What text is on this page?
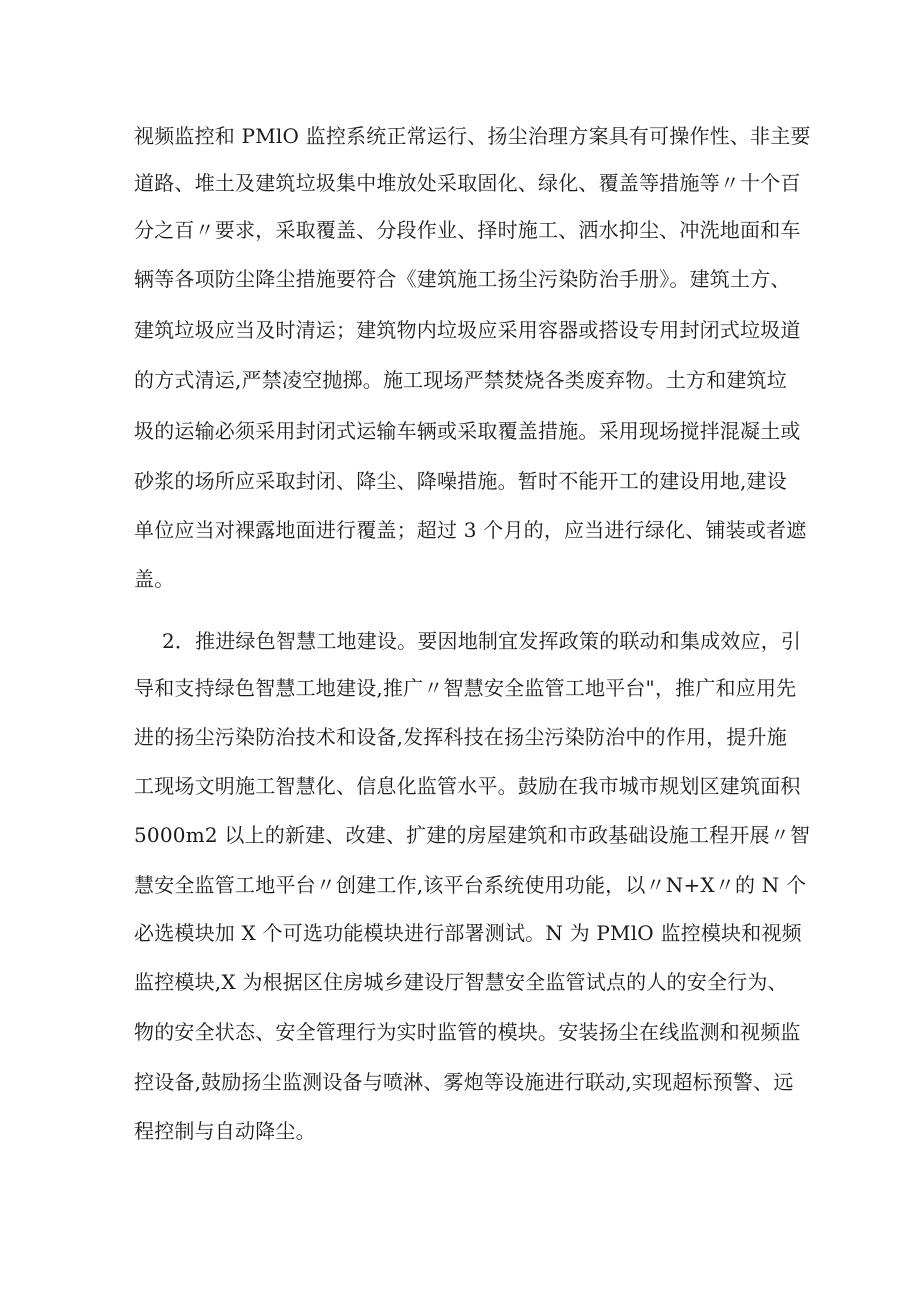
视频监控和 PMlO 监控系统正常运行、扬尘治理方案具有可操作性、非主要
道路、堆土及建筑垃圾集中堆放处采取固化、绿化、覆盖等措施等〃十个百
分之百〃要求，采取覆盖、分段作业、择时施工、洒水抑尘、冲洗地面和车
辆等各项防尘降尘措施要符合《建筑施工扬尘污染防治手册》。建筑土方、
建筑垃圾应当及时清运；建筑物内垃圾应采用容器或搭设专用封闭式垃圾道
的方式清运,严禁凌空抛掷。施工现场严禁焚烧各类废弃物。土方和建筑垃
圾的运输必须采用封闭式运输车辆或采取覆盖措施。采用现场搅拌混凝土或
砂浆的场所应采取封闭、降尘、降噪措施。暂时不能开工的建设用地,建设
单位应当对裸露地面进行覆盖；超过 3 个月的，应当进行绿化、铺装或者遮
盖。
2．推进绿色智慧工地建设。要因地制宜发挥政策的联动和集成效应，引
导和支持绿色智慧工地建设,推广〃智慧安全监管工地平台"，推广和应用先
进的扬尘污染防治技术和设备,发挥科技在扬尘污染防治中的作用，提升施
工现场文明施工智慧化、信息化监管水平。鼓励在我市城市规划区建筑面积
5000m2 以上的新建、改建、扩建的房屋建筑和市政基础设施工程开展〃智
慧安全监管工地平台〃创建工作,该平台系统使用功能，以〃N+X〃的 N 个
必选模块加 X 个可选功能模块进行部署测试。N 为 PMlO 监控模块和视频
监控模块,X 为根据区住房城乡建设厅智慧安全监管试点的人的安全行为、
物的安全状态、安全管理行为实时监管的模块。安装扬尘在线监测和视频监
控设备,鼓励扬尘监测设备与喷淋、雾炮等设施进行联动,实现超标预警、远
程控制与自动降尘。
